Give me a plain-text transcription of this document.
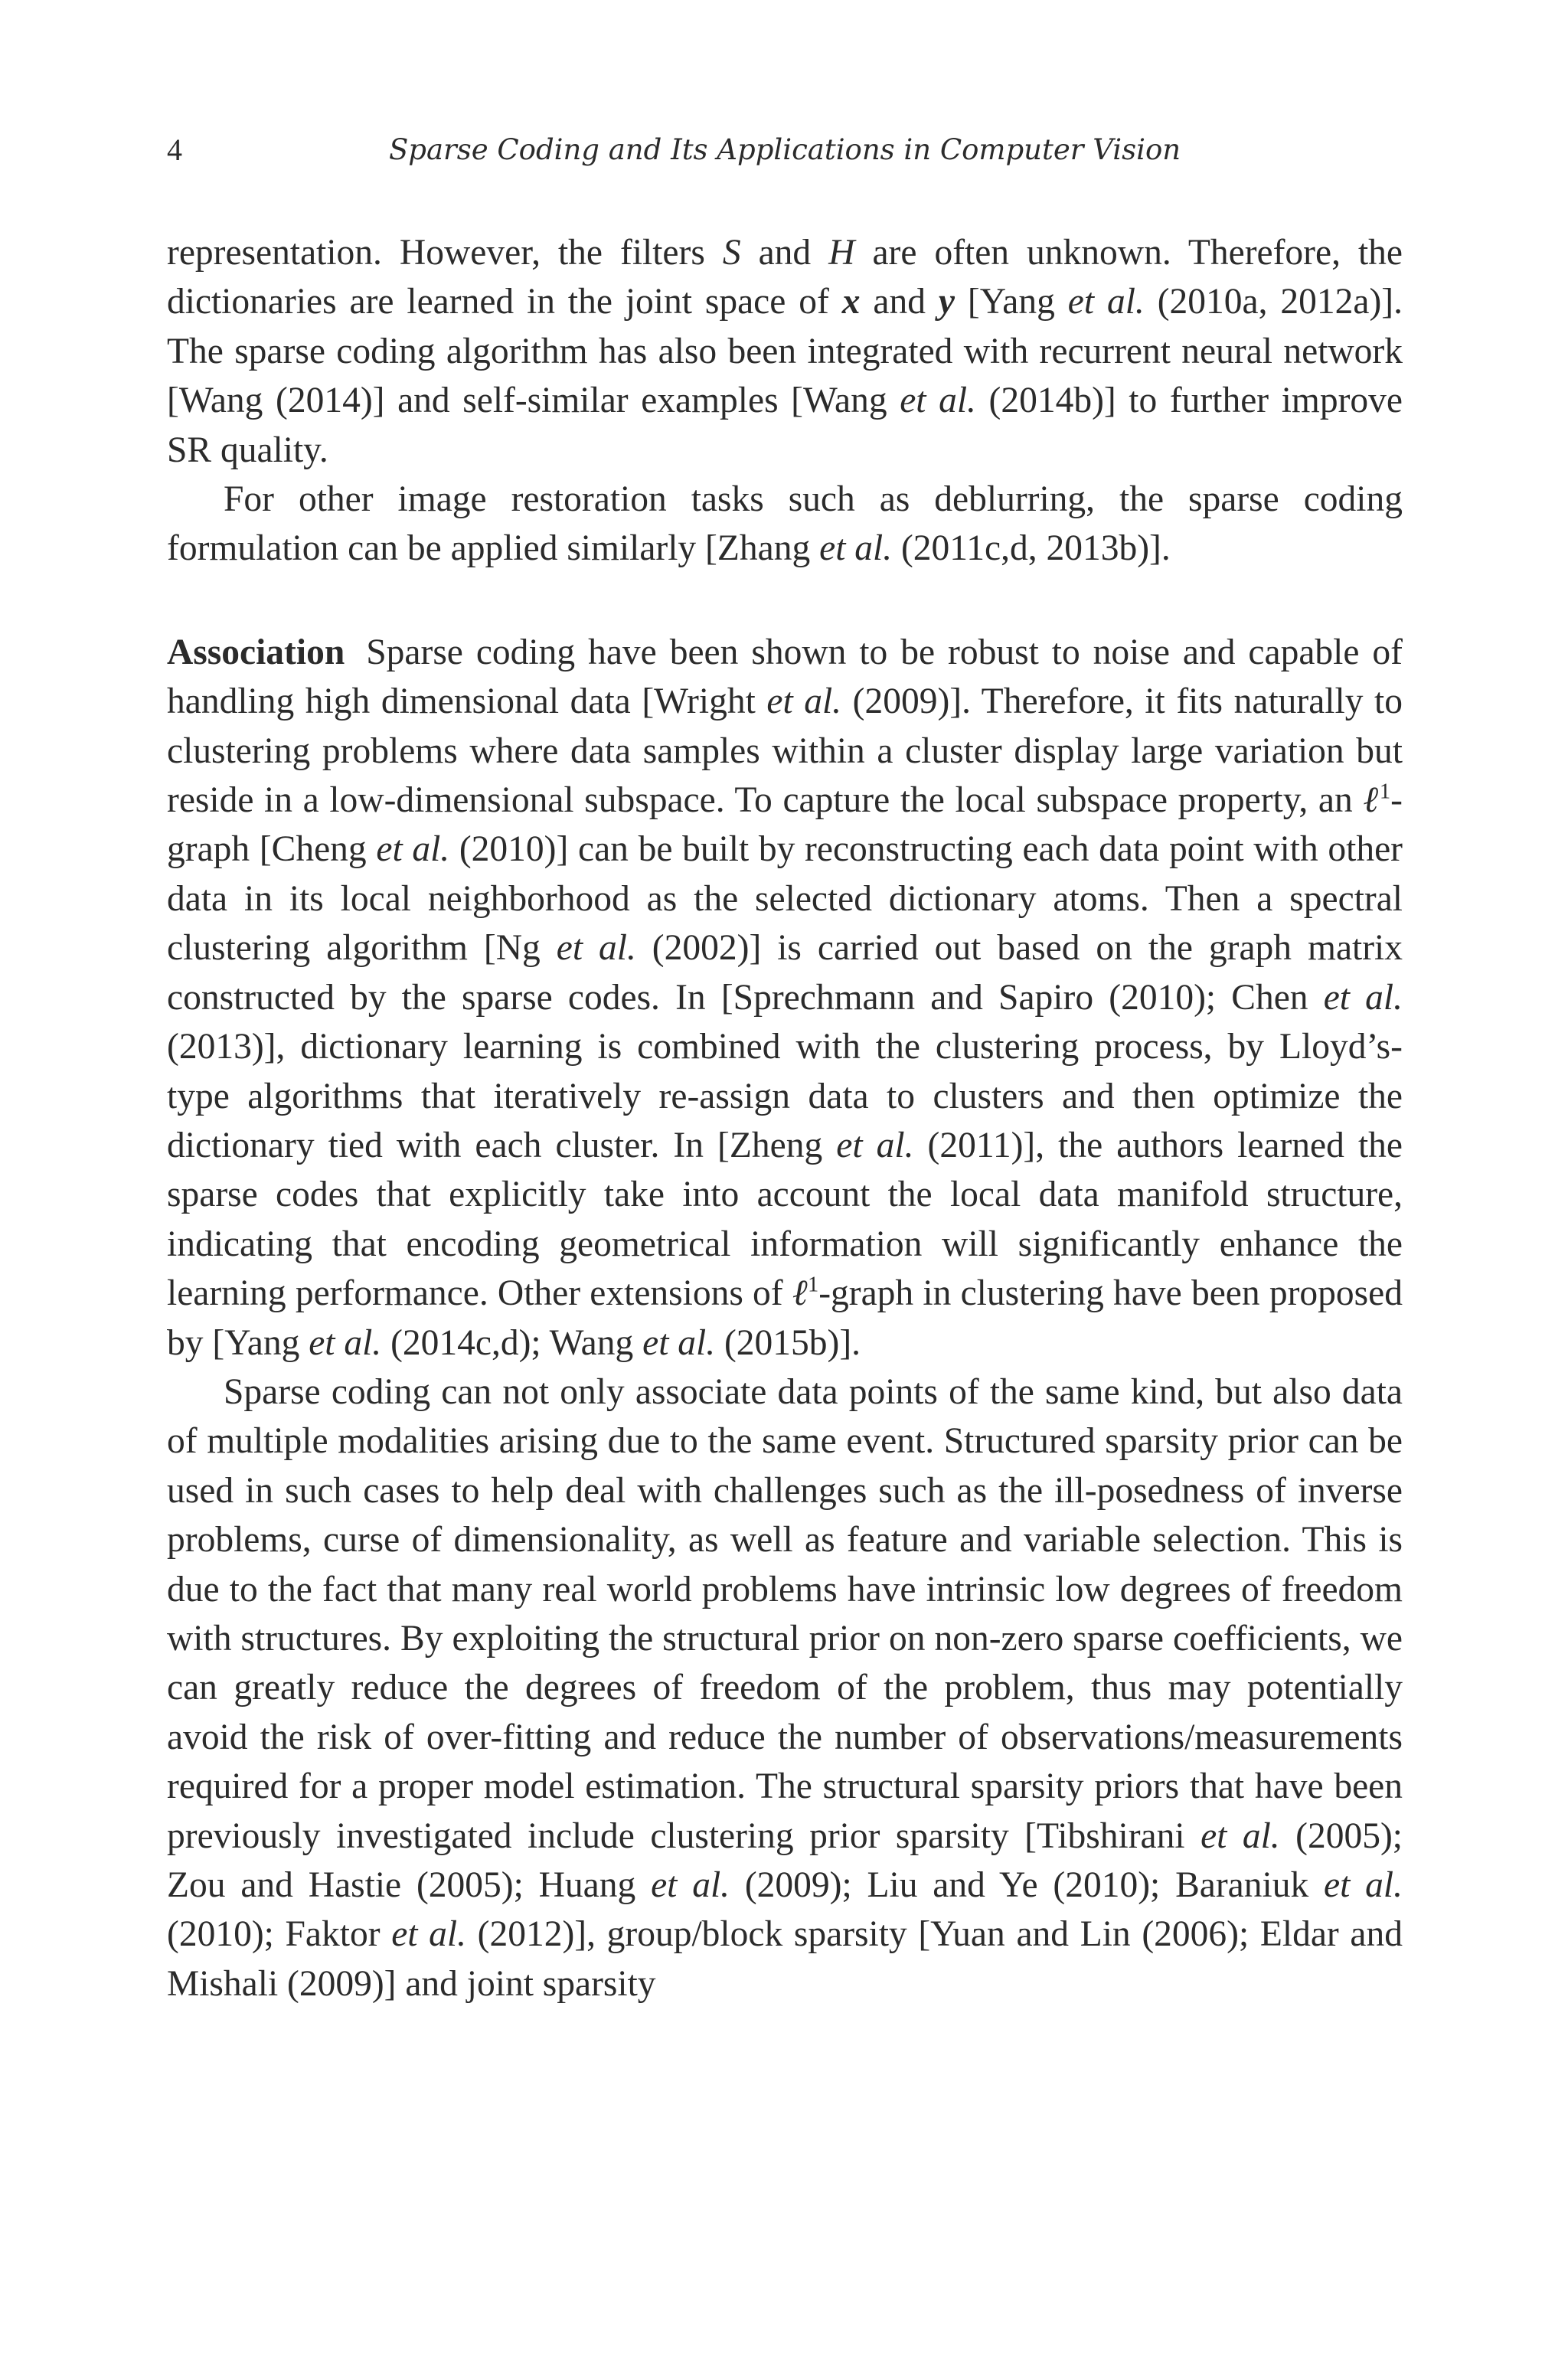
4	Sparse Coding and Its Applications in Computer Vision

representation. However, the filters S and H are often unknown. Therefore, the dictionaries are learned in the joint space of x and y [Yang et al. (2010a, 2012a)]. The sparse coding algorithm has also been integrated with recurrent neural network [Wang (2014)] and self-similar examples [Wang et al. (2014b)] to further improve SR quality.

For other image restoration tasks such as deblurring, the sparse coding formulation can be applied similarly [Zhang et al. (2011c,d, 2013b)].

Association Sparse coding have been shown to be robust to noise and capable of handling high dimensional data [Wright et al. (2009)]. Therefore, it fits naturally to clustering problems where data samples within a cluster display large variation but reside in a low-dimensional subspace. To capture the local subspace property, an ℓ$^1$-graph [Cheng et al. (2010)] can be built by reconstructing each data point with other data in its local neighborhood as the selected dictionary atoms. Then a spectral clustering algorithm [Ng et al. (2002)] is carried out based on the graph matrix constructed by the sparse codes. In [Sprechmann and Sapiro (2010); Chen et al. (2013)], dictionary learning is combined with the clustering process, by Lloyd’s-type algorithms that iteratively re-assign data to clusters and then optimize the dictionary tied with each cluster. In [Zheng et al. (2011)], the authors learned the sparse codes that explicitly take into account the local data manifold structure, indicating that encoding geometrical information will significantly enhance the learning performance. Other extensions of ℓ$^1$-graph in clustering have been proposed by [Yang et al. (2014c,d); Wang et al. (2015b)].

Sparse coding can not only associate data points of the same kind, but also data of multiple modalities arising due to the same event. Structured sparsity prior can be used in such cases to help deal with challenges such as the ill-posedness of inverse problems, curse of dimensionality, as well as feature and variable selection. This is due to the fact that many real world problems have intrinsic low degrees of freedom with structures. By exploiting the structural prior on non-zero sparse coefficients, we can greatly reduce the degrees of freedom of the problem, thus may potentially avoid the risk of over-fitting and reduce the number of observations/measurements required for a proper model estimation. The structural sparsity priors that have been previously investigated include clustering prior sparsity [Tibshirani et al. (2005); Zou and Hastie (2005); Huang et al. (2009); Liu and Ye (2010); Baraniuk et al. (2010); Faktor et al. (2012)], group/block sparsity [Yuan and Lin (2006); Eldar and Mishali (2009)] and joint sparsity
